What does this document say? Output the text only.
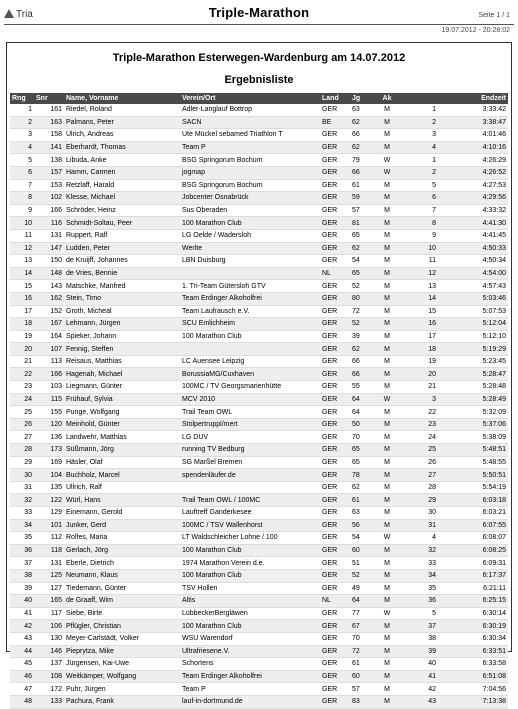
Tria	Triple-Marathon	Seite 1 / 1
19.07.2012 - 20:28:02
Triple-Marathon Esterwegen-Wardenburg am 14.07.2012
Ergebnisliste
Rng	Snr	Name, Vorname	Verein/Ort	Land	Jg	Ak		Endzeit
1	161	Riedel, Roland	Adler-Langlauf Bottrop	GER	63	M	1	3:33:42
2	163	Palmans, Peter	SACN	BE	62	M	2	3:38:47
3	158	Ulrich, Andreas	Ute Mückel sebamed Triathlon T	GER	66	M	3	4:01:46
4	141	Eberhardt, Thomas	Team P	GER	62	M	4	4:10:16
5	138	Libuda, Anke	BSG Springorum Bochum	GER	79	W	1	4:26:29
6	157	Hamm, Carmen	jogmap	GER	66	W	2	4:26:52
7	153	Retzlaff, Harald	BSG Springorum Bochum	GER	61	M	5	4:27:53
8	102	Klesse, Michael	Jobcenter Osnabrück	GER	59	M	6	4:29:56
9	166	Schröder, Heinz	Sus Oberaden	GER	57	M	7	4:33:32
10	116	Schmidt-Soltau, Peer	100 Marathon Club	GER	81	M	8	4:41:30
11	131	Ruppert, Ralf	LG Oelde / Wadersloh	GER	65	M	9	4:41:45
12	147	Ludden, Peter	Werlte	GER	62	M	10	4:50:33
13	150	de Kruijff, Johannes	LBN Duisburg	GER	54	M	11	4:50:34
14	148	de Vries, Bennie		NL	65	M	12	4:54:00
15	143	Matschke, Manfred	1. Tri-Team Gütersloh GTV	GER	52	M	13	4:57:43
16	162	Stein, Timo	Team Erdinger Alkoholfrei	GER	80	M	14	5:03:46
17	152	Groth, Micheal	Team Laufrausch e.V.	GER	72	M	15	5:07:53
18	167	Lehmann, Jürgen	SCU Emlichheim	GER	52	M	16	5:12:04
19	164	Spieker, Johann	100 Marathon Club	GER	39	M	17	5:12:10
20	107	Fennig, Steffen		GER	62	M	18	5:19:29
21	113	Reisaus, Matthias	LC Auensee Leipzig	GER	66	M	19	5:23:45
22	166	Hagenah, Michael	BorussiaMG/Cuxhaven	GER	66	M	20	5:28:47
23	103	Liegmann, Günter	100MC / TV Georgsmarienhütte	GER	55	M	21	5:28:48
24	115	Frühauf, Sylvia	MCV 2010	GER	64	W	3	5:28:49
25	155	Punge, Wolfgang	Trail Team OWL	GER	64	M	22	5:32:09
26	120	Meinhold, Günter	Stolpertruppl/mert	GER	50	M	23	5:37:06
27	136	Landwehr, Matthias	LG DUV	GER	70	M	24	5:38:09
28	173	Süßmann, Jörg	running TV Bedburg	GER	65	M	25	5:48:51
29	169	Häsler, Olaf	SG Marßel Bremen	GER	65	M	26	5:48:55
30	104	Buchholz, Marcel	spendenläufer.de	GER	78	M	27	5:50:51
31	135	Ullrich, Ralf		GER	62	M	28	5:54:19
32	122	Würl, Hans	Trail Team OWL / 100MC	GER	61	M	29	6:03:18
33	129	Einemann, Gerold	Lauftreff Ganderkesee	GER	63	M	30	6:03:21
34	101	Junker, Gerd	100MC / TSV Wallenhorst	GER	56	M	31	6:07:55
35	112	Rolfes, Maria	LT Waldschleicher Lohne / 100	GER	54	W	4	6:08:07
36	118	Gerlach, Jörg	100 Marathon Club	GER	60	M	32	6:08:25
37	131	Eberle, Dietrich	1974 Marathon Verein d.e.	GER	51	M	33	6:09:31
38	125	Neumann, Klaus	100 Marathon Club	GER	52	M	34	6:17:37
39	127	Tiedemann, Günter	TSV Hollen	GER	49	M	35	6:21:11
40	165	de Graaff, Wim	Altis	NL	64	M	36	6:25:15
41	117	Siebe, Birte	LübbeckerBergläwen	GER	77	W	5	6:30:14
42	106	Pflügler, Christian	100 Marathon Club	GER	67	M	37	6:30:19
43	130	Meyer-Carlstädt, Volker	WSU Warendorf	GER	70	M	38	6:30:34
44	146	Pieprytza, Mike	Ultrafriesene.V.	GER	72	M	39	6:33:51
45	137	Jürgensen, Kai-Uwe	Schortens	GER	61	M	40	6:33:58
46	108	Weitkämper, Wolfgang	Team Erdinger Alkoholfrei	GER	60	M	41	6:51:08
47	172	Puhr, Jürgen	Team P	GER	57	M	42	7:04:56
48	133	Pachura, Frank	lauf-in-dortmund.de	GER	83	M	43	7:13:38
